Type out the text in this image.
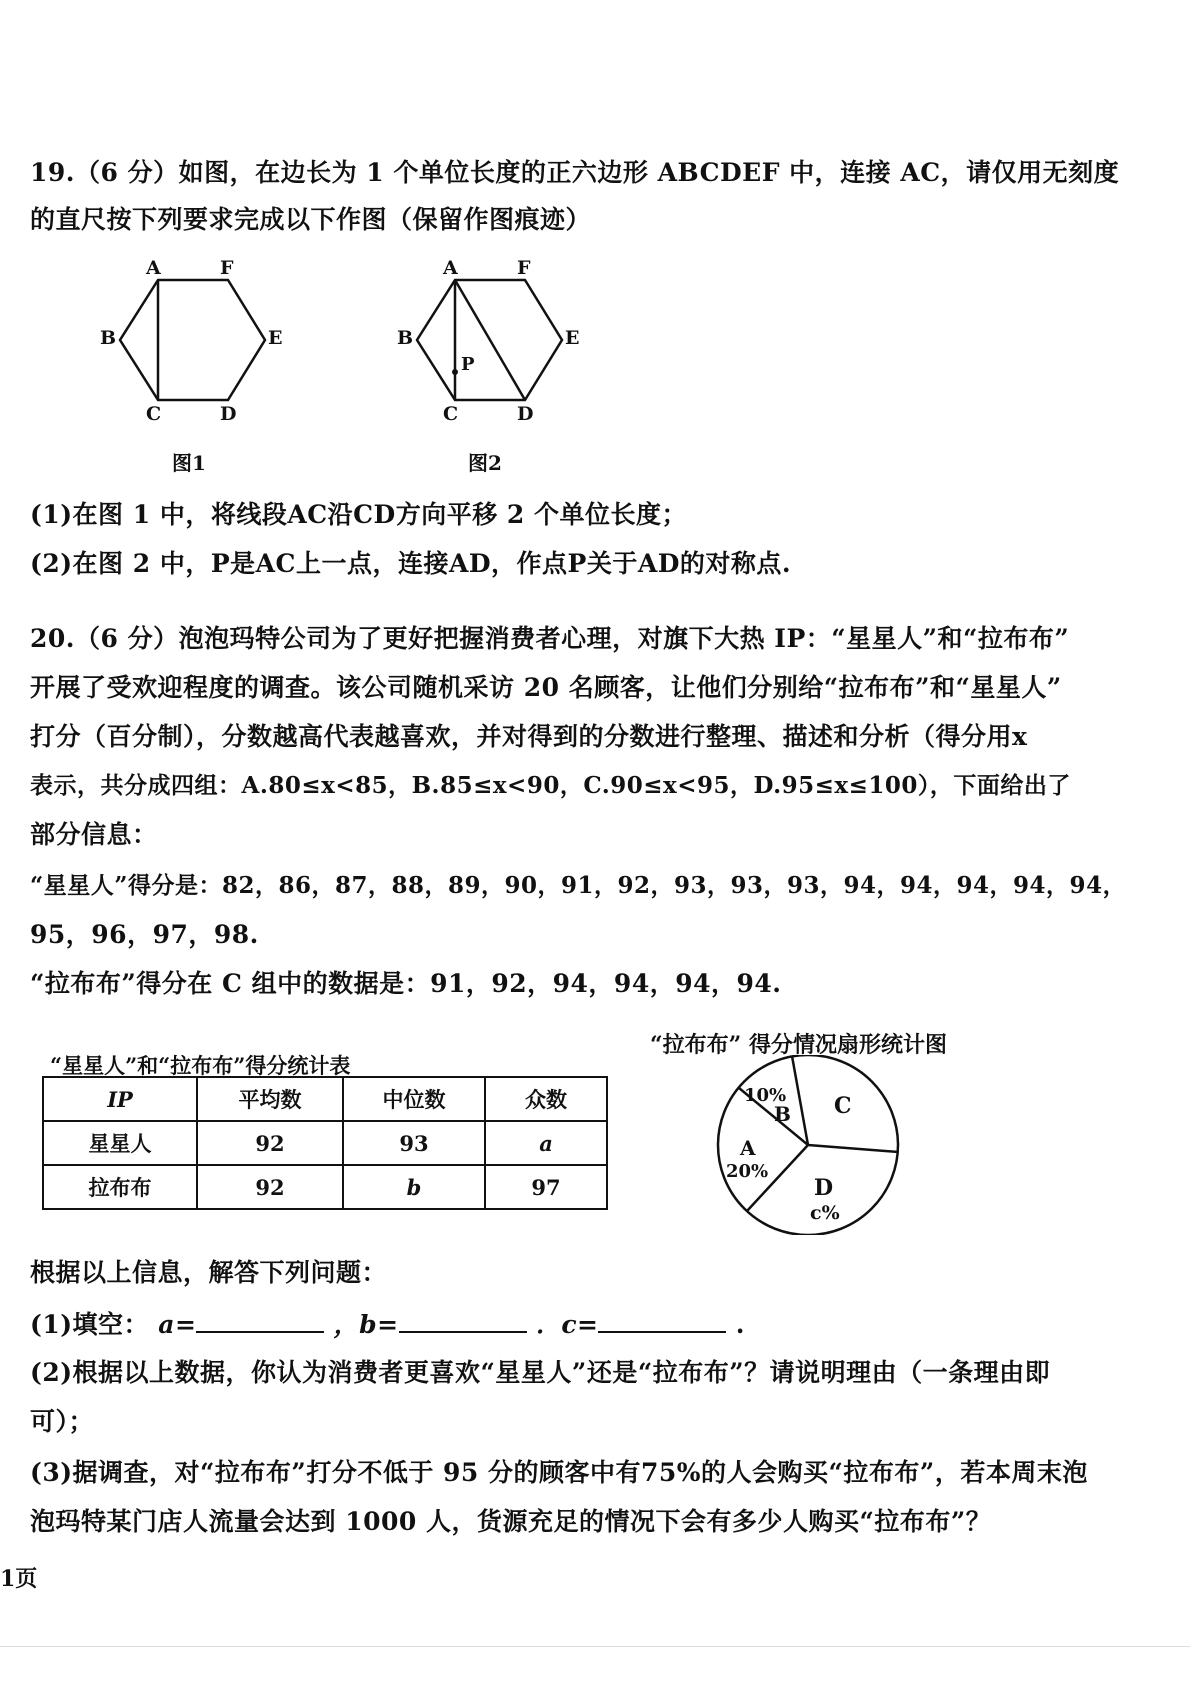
19.（6 分）如图，在边长为 1 个单位长度的正六边形 ABCDEF 中，连接 AC，请仅用无刻度
的直尺按下列要求完成以下作图（保留作图痕迹）
A	F
B	E
C	D
图1
P
A	F
B	E
C	D
图2
(1)在图 1 中，将线段AC沿CD方向平移 2 个单位长度；
(2)在图 2 中，P是AC上一点，连接AD，作点P关于AD的对称点.
20.（6 分）泡泡玛特公司为了更好把握消费者心理，对旗下大热 IP：“星星人”和“拉布布”
开展了受欢迎程度的调查。该公司随机采访 20 名顾客，让他们分别给“拉布布”和“星星人”
打分（百分制），分数越高代表越喜欢，并对得到的分数进行整理、描述和分析（得分用x
表示，共分成四组：A.80≤x<85，B.85≤x<90，C.90≤x<95，D.95≤x≤100），下面给出了
部分信息：
“星星人”得分是：82，86，87，88，89，90，91，92，93，93，93，94，94，94，94，94，
95，96，97，98.
“拉布布”得分在 C 组中的数据是：91，92，94，94，94，94.
“星星人”和“拉布布”得分统计表
IP	平均数	中位数	众数
星星人	92	93	a
拉布布	92	b	97
“拉布布” 得分情况扇形统计图
10%
B C
A
20%
D
c%
根据以上信息，解答下列问题：
(1)填空： a=	，b=	．c=	.
(2)根据以上数据，你认为消费者更喜欢“星星人”还是“拉布布”？请说明理由（一条理由即
可）；
(3)据调查，对“拉布布”打分不低于 95 分的顾客中有75%的人会购买“拉布布”，若本周末泡
泡玛特某门店人流量会达到 1000 人，货源充足的情况下会有多少人购买“拉布布”？
1页
